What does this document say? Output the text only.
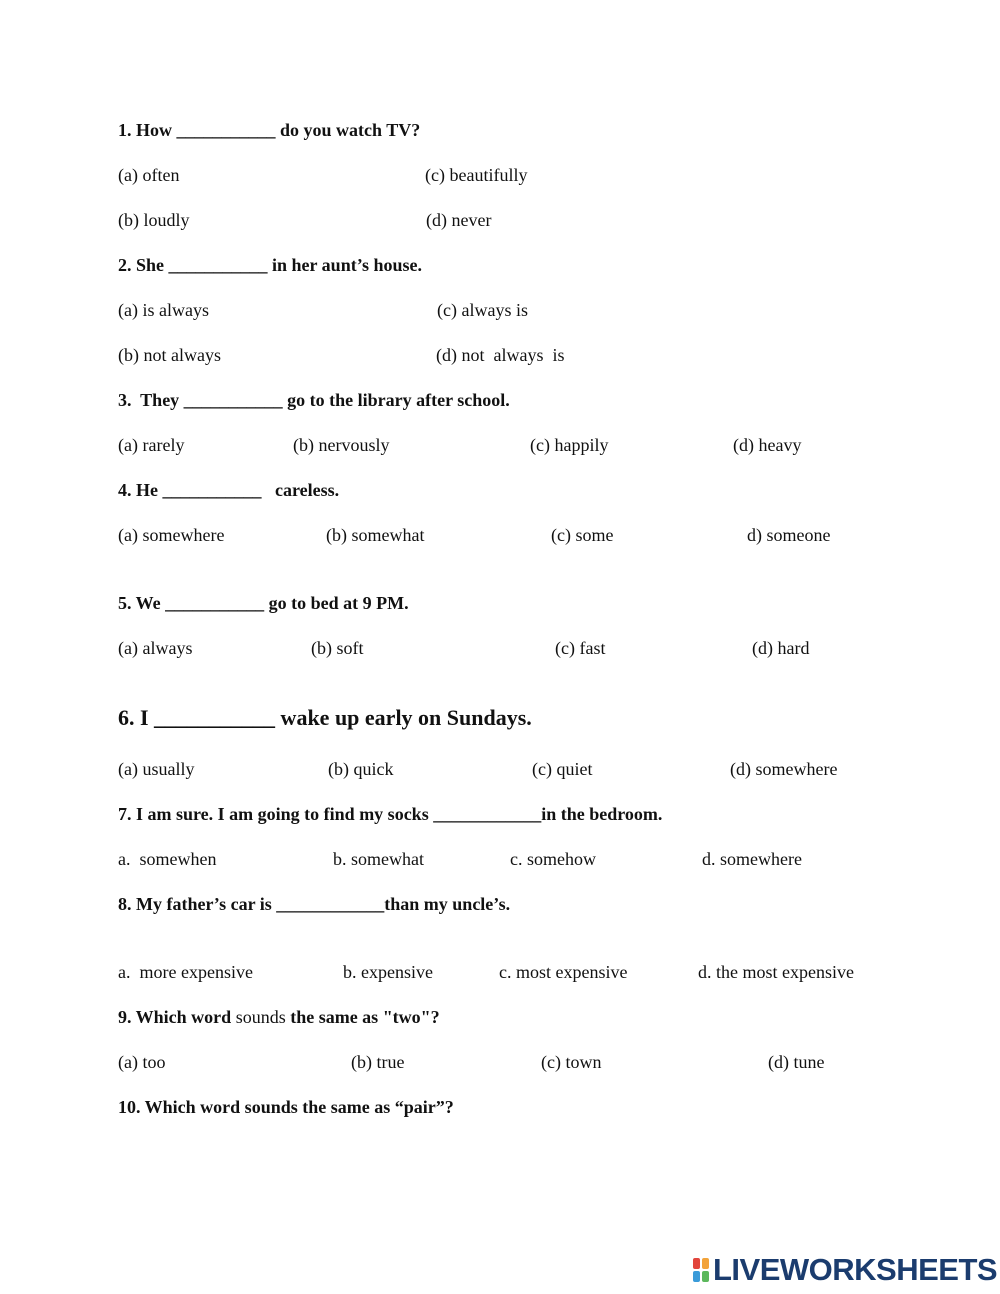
1. How ___________ do you watch TV?
(a) often	(c) beautifully
(b) loudly	(d) never
2. She ___________ in her aunt’s house.
(a) is always	(c) always is
(b) not always	(d) not  always  is
3.  They ___________ go to the library after school.
(a) rarely	(b) nervously	(c) happily	(d) heavy
4. He ___________   careless.
(a) somewhere	(b) somewhat	(c) some	d) someone
5. We ___________ go to bed at 9 PM.
(a) always	(b) soft	(c) fast	(d) hard
6. I ___________ wake up early on Sundays.
(a) usually	(b) quick	(c) quiet	(d) somewhere
7. I am sure. I am going to find my socks ____________in the bedroom.
a.  somewhen	b. somewhat	c. somehow	d. somewhere
8. My father’s car is ____________than my uncle’s.
a.  more expensive	b. expensive	c. most expensive	d. the most expensive
9. Which word sounds the same as "two"?
(a) too	(b) true	(c) town	(d) tune
10. Which word sounds the same as “pair”?
LIVEWORKSHEETS
